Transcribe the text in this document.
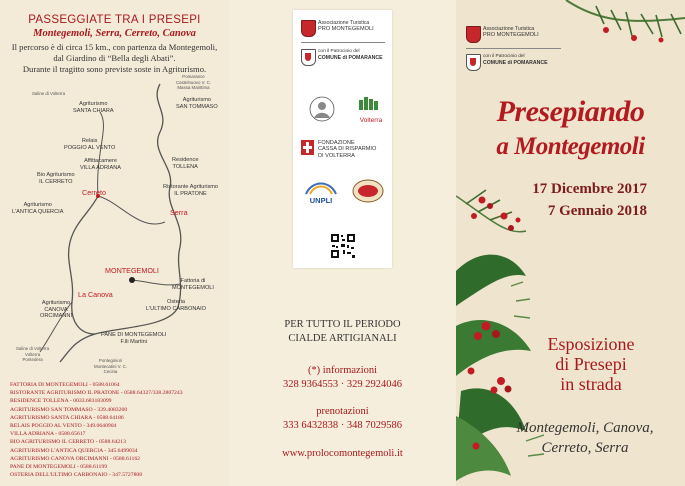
PASSEGGIATE TRA I PRESEPI
Montegemoli, Serra, Cerreto, Canova
Il percorso è di circa 15 km., con partenza da Montegemoli,
dal Giardino di “Bella degli Abati”.
Durante il tragitto sono previste soste in Agriturismo.
Pomarance
Castelnuovo V. C.
Massa Marittima
Saline di Volterra
Agriturismo
SANTA CHIARA
Agriturismo
SAN TOMMASO
Relais
POGGIO AL VENTO
Affittacamere
VILLA ADRIANA
Residence
TOLLENA
Bio Agriturismo
IL CERRETO
Ristorante Agriturismo
IL PRATONE
Cerreto
Agriturismo
L'ANTICA QUERCIA	Serra
MONTEGEMOLI
Fattoria di
MONTEGEMOLI
La Canova
Agriturismo
CANOVA
ORCIMANNI
Osteria
L'ULTIMO CARBONAIO
PANE DI MONTEGEMOLI
F.lli Martini
Saline di Volterra
Volterra
Pontedera	Ponteginiori
Montecatini V. C.
Cecina
FATTORIA DI MONTEGEMOLI - 0588.61064
RISTORANTE AGRITURISMO IL PRATONE - 0588.64327/338.2807243
RESIDENCE TOLLENA - 0033.683183099
AGRITURISMO SAN TOMMASO - 339.4083200
AGRITURISMO SANTA CHIARA - 0588.64186
RELAIS POGGIO AL VENTO - 349.0640904
VILLA ADRIANA - 0588.65617
BIO AGRITURISMO IL CERRETO - 0588.64213
AGRITURISMO L'ANTICA QUERCIA - 345.6499034
AGRITURISMO CANOVA ORCIMANNI - 0588.61162
PANE DI MONTEGEMOLI - 0588.61199
OSTERIA DELL'ULTIMO CARBONAIO - 347.5727808
Associazione Turistica
PRO MONTEGEMOLI
con il Patrocinio del
COMUNE di POMARANCE
Volterra
FONDAZIONE
CASSA DI RISPARMIO
DI VOLTERRA
UNPLI
PER TUTTO IL PERIODO
CIALDE ARTIGIANALI
(*) informazioni
328 9364553 · 329 2924046
prenotazioni
333 6432838 · 348 7029586
www.prolocomontegemoli.it
Associazione Turistica
PRO MONTEGEMOLI
con il Patrocinio del
COMUNE di POMARANCE
Presepiando
a Montegemoli
17 Dicembre 2017
7 Gennaio 2018
Esposizione
di Presepi
in strada
Montegemoli, Canova,
Cerreto, Serra
